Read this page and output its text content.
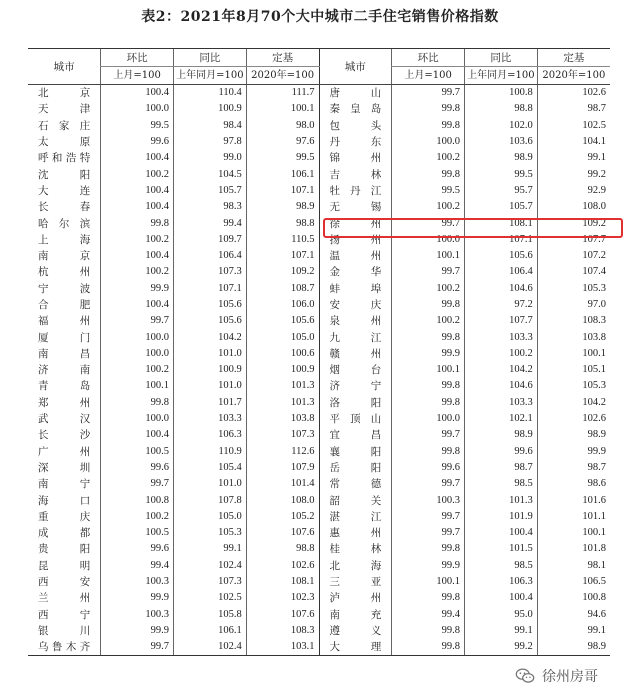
表2：2021年8月70个大中城市二手住宅销售价格指数
城市	环比	同比	定基	城市	环比	同比	定基
	上月=100	上年同月=100	2020年=100		上月=100	上年同月=100	2020年=100
北京	100.4	110.4	111.7	唐山	99.7	100.8	102.6
天津	100.0	100.9	100.1	秦皇岛	99.8	98.8	98.7
石家庄	99.5	98.4	98.0	包头	99.8	102.0	102.5
太原	99.6	97.8	97.6	丹东	100.0	103.6	104.1
呼和浩特	100.4	99.0	99.5	锦州	100.2	98.9	99.1
沈阳	100.2	104.5	106.1	吉林	99.8	99.5	99.2
大连	100.4	105.7	107.1	牡丹江	99.5	95.7	92.9
长春	100.4	98.3	98.9	无锡	100.2	105.7	108.0
哈尔滨	99.8	99.4	98.8	徐州	99.7	108.1	109.2
上海	100.2	109.7	110.5	扬州	100.0	107.1	107.7
南京	100.4	106.4	107.1	温州	100.1	105.6	107.2
杭州	100.2	107.3	109.2	金华	99.7	106.4	107.4
宁波	99.9	107.1	108.7	蚌埠	100.2	104.6	105.3
合肥	100.4	105.6	106.0	安庆	99.8	97.2	97.0
福州	99.7	105.6	105.6	泉州	100.2	107.7	108.3
厦门	100.0	104.2	105.0	九江	99.8	103.3	103.8
南昌	100.0	101.0	100.6	赣州	99.9	100.2	100.1
济南	100.2	100.9	100.9	烟台	100.1	104.2	105.1
青岛	100.1	101.0	101.3	济宁	99.8	104.6	105.3
郑州	99.8	101.7	101.3	洛阳	99.8	103.3	104.2
武汉	100.0	103.3	103.8	平顶山	100.0	102.1	102.6
长沙	100.4	106.3	107.3	宜昌	99.7	98.9	98.9
广州	100.5	110.9	112.6	襄阳	99.8	99.6	99.9
深圳	99.6	105.4	107.9	岳阳	99.6	98.7	98.7
南宁	99.7	101.0	101.4	常德	99.7	98.5	98.6
海口	100.8	107.8	108.0	韶关	100.3	101.3	101.6
重庆	100.2	105.0	105.2	湛江	99.7	101.9	101.1
成都	100.5	105.3	107.6	惠州	99.7	100.4	100.1
贵阳	99.6	99.1	98.8	桂林	99.8	101.5	101.8
昆明	99.4	102.4	102.6	北海	99.9	98.5	98.1
西安	100.3	107.3	108.1	三亚	100.1	106.3	106.5
兰州	99.9	102.5	102.3	泸州	99.8	100.4	100.8
西宁	100.3	105.8	107.6	南充	99.4	95.0	94.6
银川	99.9	106.1	108.3	遵义	99.8	99.1	99.1
乌鲁木齐	99.7	102.4	103.1	大理	99.8	99.2	98.9
徐州房哥
